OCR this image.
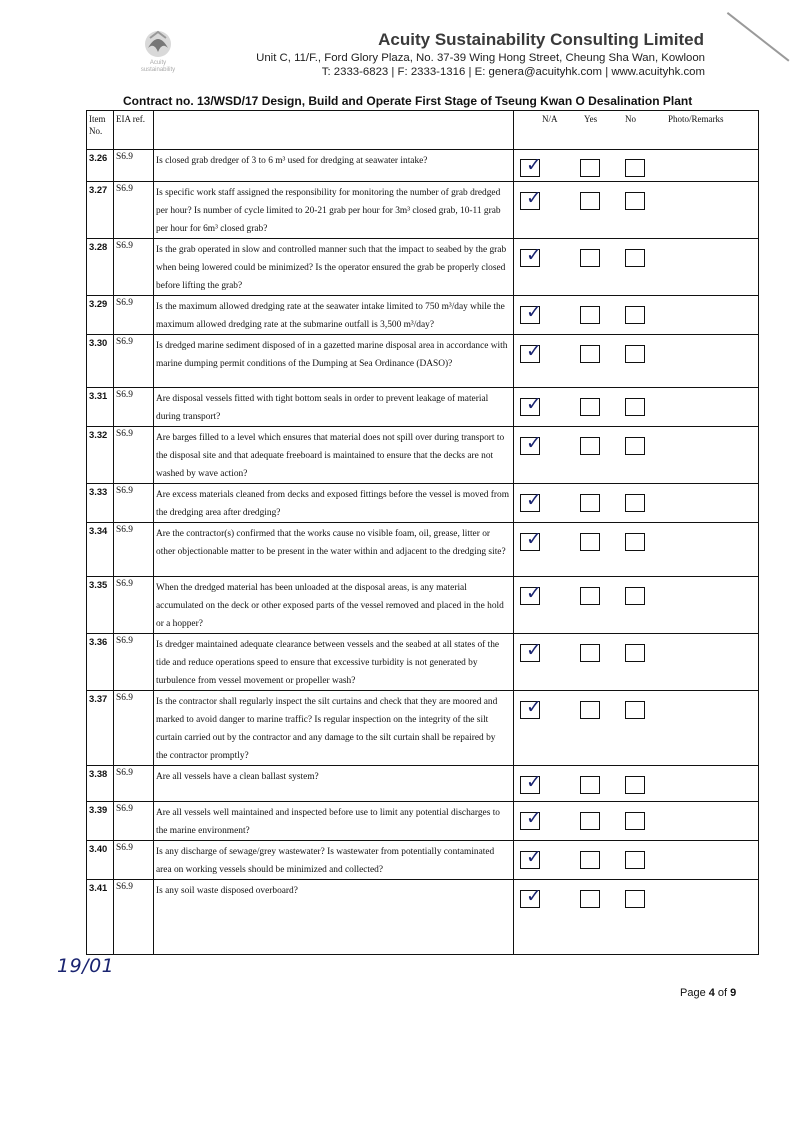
Acuity
sustainability
Acuity Sustainability Consulting Limited
Unit C, 11/F., Ford Glory Plaza, No. 37-39 Wing Hong Street, Cheung Sha Wan, Kowloon
T: 2333-6823 | F: 2333-1316 | E: genera@acuityhk.com | www.acuityhk.com
Contract no. 13/WSD/17 Design, Build and Operate First Stage of Tseung Kwan O Desalination Plant
Item No.	EIA ref.		N/A Yes No Photo/Remarks

3.26	S6.9	Is closed grab dredger of 3 to 6 m³ used for dredging at seawater intake?	✓

3.27	S6.9	Is specific work staff assigned the responsibility for monitoring the number of grab dredged per hour? Is number of cycle limited to 20-21 grab per hour for 3m³ closed grab, 10-11 grab per hour for 6m³ closed grab?	✓

3.28	S6.9	Is the grab operated in slow and controlled manner such that the impact to seabed by the grab when being lowered could be minimized? Is the operator ensured the grab be properly closed before lifting the grab?	✓

3.29	S6.9	Is the maximum allowed dredging rate at the seawater intake limited to 750 m³/day while the maximum allowed dredging rate at the submarine outfall is 3,500 m³/day?	✓

3.30	S6.9	Is dredged marine sediment disposed of in a gazetted marine disposal area in accordance with marine dumping permit conditions of the Dumping at Sea Ordinance (DASO)?	✓

3.31	S6.9	Are disposal vessels fitted with tight bottom seals in order to prevent leakage of material during transport?	✓

3.32	S6.9	Are barges filled to a level which ensures that material does not spill over during transport to the disposal site and that adequate freeboard is maintained to ensure that the decks are not washed by wave action?	✓

3.33	S6.9	Are excess materials cleaned from decks and exposed fittings before the vessel is moved from the dredging area after dredging?	✓

3.34	S6.9	Are the contractor(s) confirmed that the works cause no visible foam, oil, grease, litter or other objectionable matter to be present in the water within and adjacent to the dredging site?	✓

3.35	S6.9	When the dredged material has been unloaded at the disposal areas, is any material accumulated on the deck or other exposed parts of the vessel removed and placed in the hold or a hopper?	✓

3.36	S6.9	Is dredger maintained adequate clearance between vessels and the seabed at all states of the tide and reduce operations speed to ensure that excessive turbidity is not generated by turbulence from vessel movement or propeller wash?	✓

3.37	S6.9	Is the contractor shall regularly inspect the silt curtains and check that they are moored and marked to avoid danger to marine traffic? Is regular inspection on the integrity of the silt curtain carried out by the contractor and any damage to the silt curtain shall be repaired by the contractor promptly?	✓

3.38	S6.9	Are all vessels have a clean ballast system?	✓

3.39	S6.9	Are all vessels well maintained and inspected before use to limit any potential discharges to the marine environment?	✓

3.40	S6.9	Is any discharge of sewage/grey wastewater? Is wastewater from potentially contaminated area on working vessels should be minimized and collected?	✓

3.41	S6.9	Is any soil waste disposed overboard?	✓
19/01
Page 4 of 9
